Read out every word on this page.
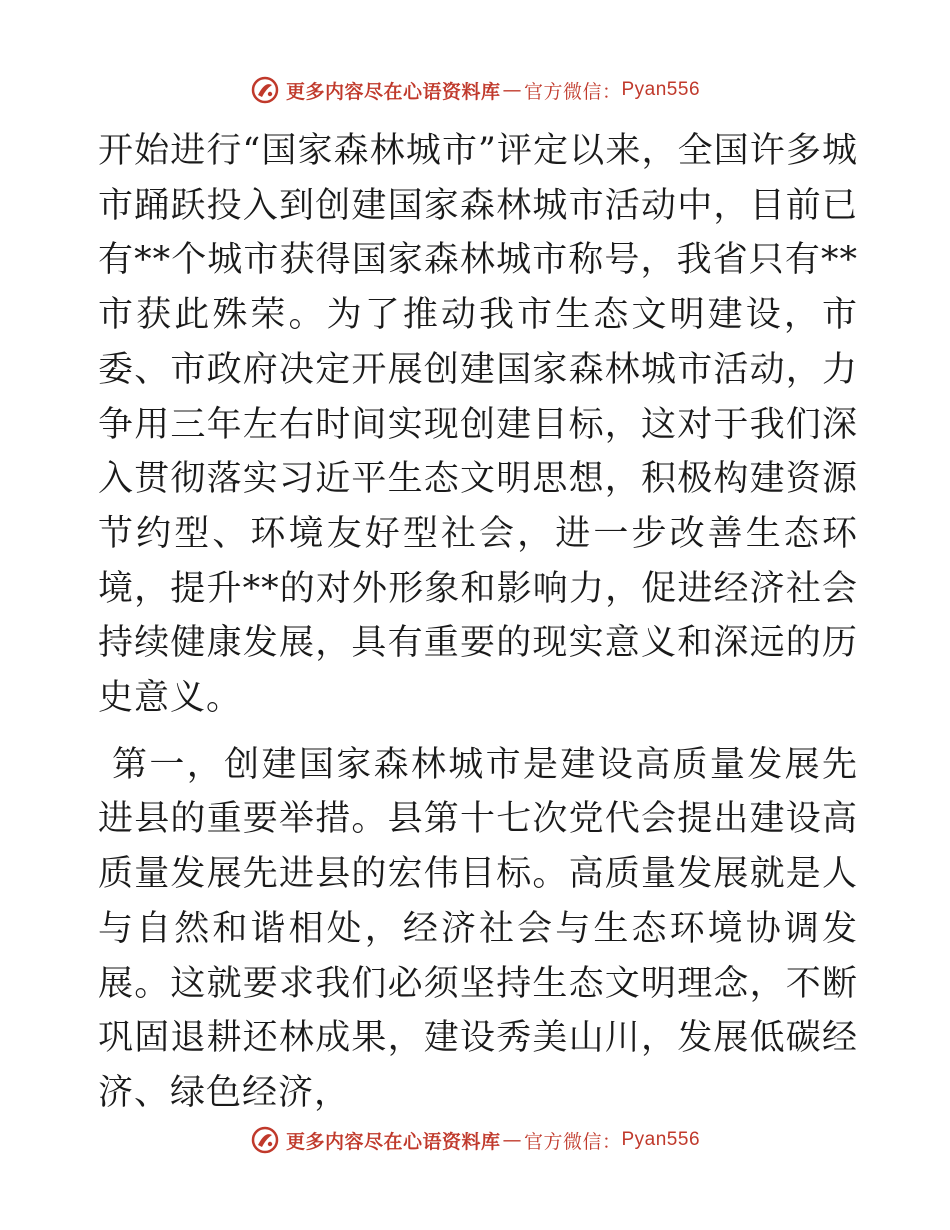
更多内容尽在心语资料库 — 官方微信： Pyan556

开始进行“国家森林城市”评定以来，全国许多城市踊跃投入到创建国家森林城市活动中，目前已有**个城市获得国家森林城市称号，我省只有**市获此殊荣。为了推动我市生态文明建设，市委、市政府决定开展创建国家森林城市活动，力争用三年左右时间实现创建目标，这对于我们深入贯彻落实习近平生态文明思想，积极构建资源节约型、环境友好型社会，进一步改善生态环境，提升**的对外形象和影响力，促进经济社会持续健康发展，具有重要的现实意义和深远的历史意义。

第一，创建国家森林城市是建设高质量发展先进县的重要举措。县第十七次党代会提出建设高质量发展先进县的宏伟目标。高质量发展就是人与自然和谐相处，经济社会与生态环境协调发展。这就要求我们必须坚持生态文明理念，不断巩固退耕还林成果，建设秀美山川，发展低碳经济、绿色经济，

更多内容尽在心语资料库 — 官方微信： Pyan556
